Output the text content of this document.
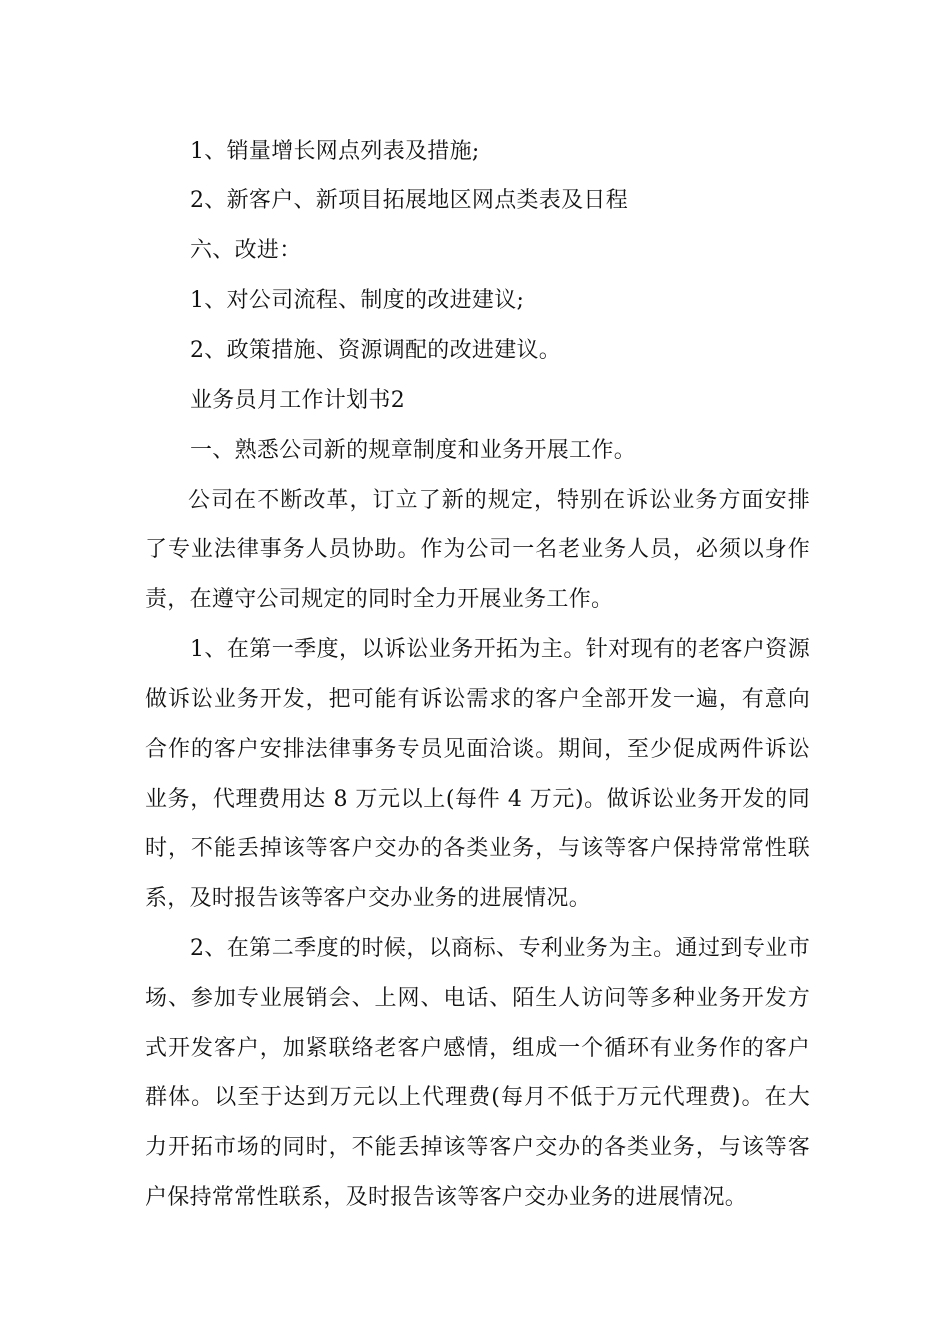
1、销量增长网点列表及措施;
2、新客户、新项目拓展地区网点类表及日程
六、改进：
1、对公司流程、制度的改进建议;
2、政策措施、资源调配的改进建议。
业务员月工作计划书2
一、熟悉公司新的规章制度和业务开展工作。
公司在不断改革，订立了新的规定，特别在诉讼业务方面安排
了专业法律事务人员协助。作为公司一名老业务人员，必须以身作
责，在遵守公司规定的同时全力开展业务工作。
1、在第一季度，以诉讼业务开拓为主。针对现有的老客户资源
做诉讼业务开发，把可能有诉讼需求的客户全部开发一遍，有意向
合作的客户安排法律事务专员见面洽谈。期间，至少促成两件诉讼
业务，代理费用达 8 万元以上(每件 4 万元)。做诉讼业务开发的同
时，不能丢掉该等客户交办的各类业务，与该等客户保持常常性联
系，及时报告该等客户交办业务的进展情况。
2、在第二季度的时候，以商标、专利业务为主。通过到专业市
场、参加专业展销会、上网、电话、陌生人访问等多种业务开发方
式开发客户，加紧联络老客户感情，组成一个循环有业务作的客户
群体。以至于达到万元以上代理费(每月不低于万元代理费)。在大
力开拓市场的同时，不能丢掉该等客户交办的各类业务，与该等客
户保持常常性联系，及时报告该等客户交办业务的进展情况。
